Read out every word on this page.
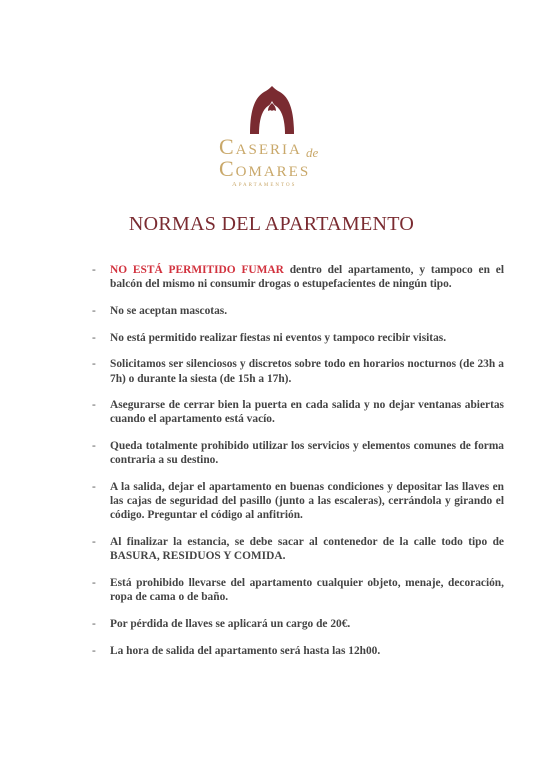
Caseria de
Comares
Apartamentos
NORMAS DEL APARTAMENTO
- NO ESTÁ PERMITIDO FUMAR dentro del apartamento, y tampoco en el balcón del mismo ni consumir drogas o estupefacientes de ningún tipo.
- No se aceptan mascotas.
- No está permitido realizar fiestas ni eventos y tampoco recibir visitas.
- Solicitamos ser silenciosos y discretos sobre todo en horarios nocturnos (de 23h a 7h) o durante la siesta (de 15h a 17h).
- Asegurarse de cerrar bien la puerta en cada salida y no dejar ventanas abiertas cuando el apartamento está vacío.
- Queda totalmente prohibido utilizar los servicios y elementos comunes de forma contraria a su destino.
- A la salida, dejar el apartamento en buenas condiciones y depositar las llaves en las cajas de seguridad del pasillo (junto a las escaleras), cerrándola y girando el código. Preguntar el código al anfitrión.
- Al finalizar la estancia, se debe sacar al contenedor de la calle todo tipo de BASURA, RESIDUOS Y COMIDA.
- Está prohibido llevarse del apartamento cualquier objeto, menaje, decoración, ropa de cama o de baño.
- Por pérdida de llaves se aplicará un cargo de 20€.
- La hora de salida del apartamento será hasta las 12h00.
